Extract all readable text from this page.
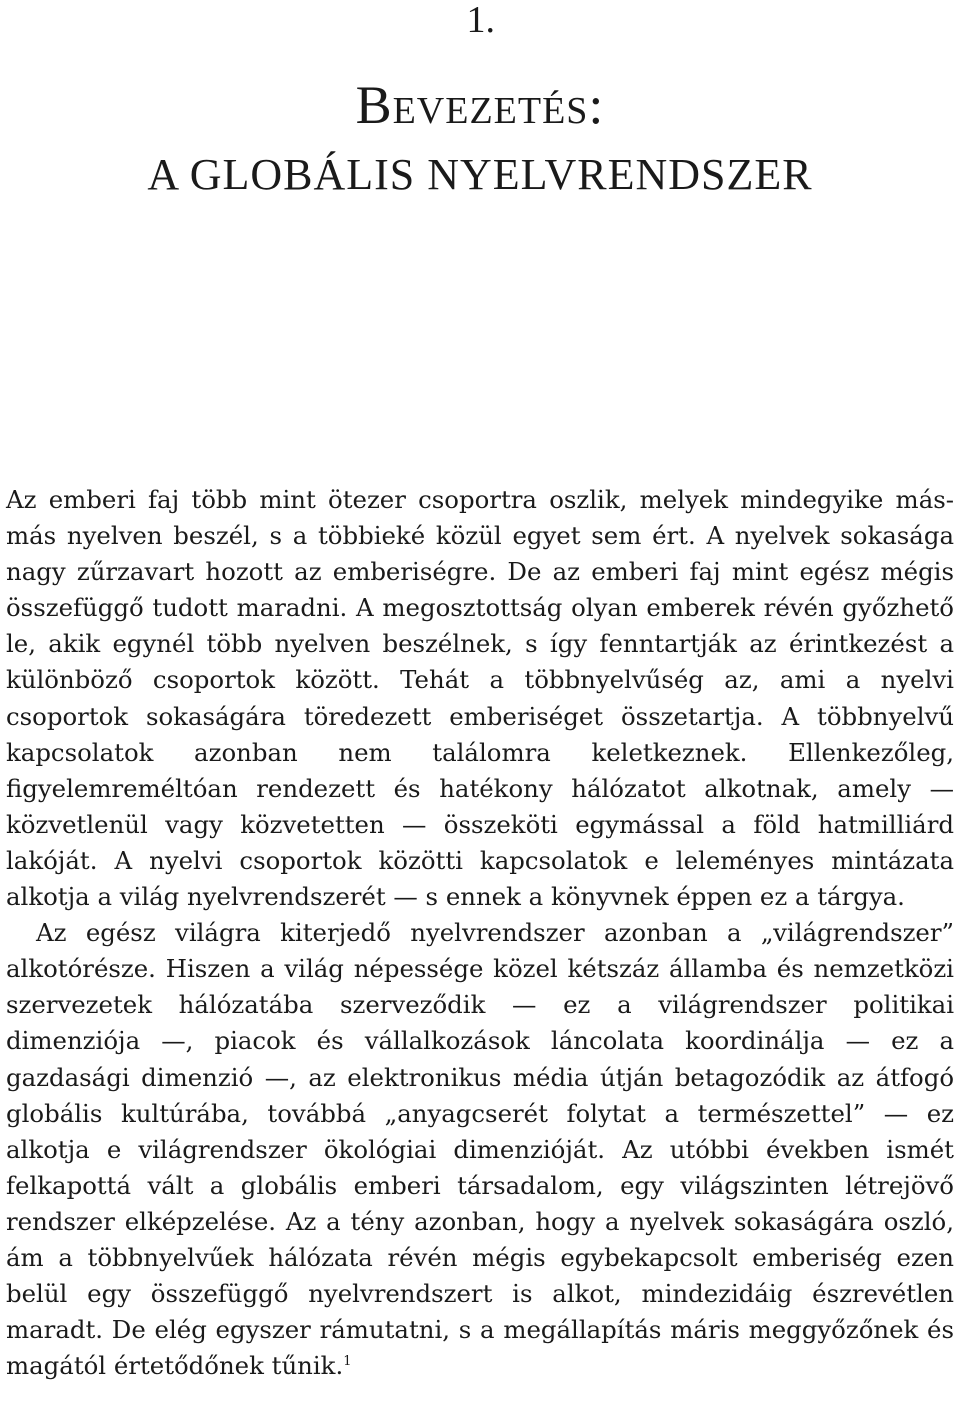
1.
Bevezetés:
A GLOBÁLIS NYELVRENDSZER

Az emberi faj több mint ötezer csoportra oszlik, melyek mindegyike más-más nyelven beszél, s a többieké közül egyet sem ért. A nyelvek sokasága nagy zűrzavart hozott az emberiségre. De az emberi faj mint egész mégis összefüggő tudott maradni. A megosztottság olyan emberek révén győzhető le, akik egynél több nyelven beszélnek, s így fenntartják az érintkezést a különböző csoportok között. Tehát a többnyelvűség az, ami a nyelvi csoportok sokaságára töredezett emberiséget összetartja. A többnyelvű kapcsolatok azonban nem találomra keletkeznek. Ellenkezőleg, figyelemreméltóan rendezett és hatékony hálózatot alkotnak, amely — közvetlenül vagy közvetetten — összeköti egymással a föld hatmilliárd lakóját. A nyelvi csoportok közötti kapcsolatok e leleményes mintázata alkotja a világ nyelvrendszerét — s ennek a könyvnek éppen ez a tárgya.

Az egész világra kiterjedő nyelvrendszer azonban a „világrendszer” alkotórésze. Hiszen a világ népessége közel kétszáz államba és nemzetközi szervezetek hálózatába szerveződik — ez a világrendszer politikai dimenziója —, piacok és vállalkozások láncolata koordinálja — ez a gazdasági dimenzió —, az elektronikus média útján betagozódik az átfogó globális kultúrába, továbbá „anyagcserét folytat a természettel” — ez alkotja e világrendszer ökológiai dimenzióját. Az utóbbi években ismét felkapottá vált a globális emberi társadalom, egy világszinten létrejövő rendszer elképzelése. Az a tény azonban, hogy a nyelvek sokaságára oszló, ám a többnyelvűek hálózata révén mégis egybekapcsolt emberiség ezen belül egy összefüggő nyelvrendszert is alkot, mindezidáig észrevétlen maradt. De elég egyszer rámutatni, s a megállapítás máris meggyőzőnek és magától értetődőnek tűnik.$^1$
